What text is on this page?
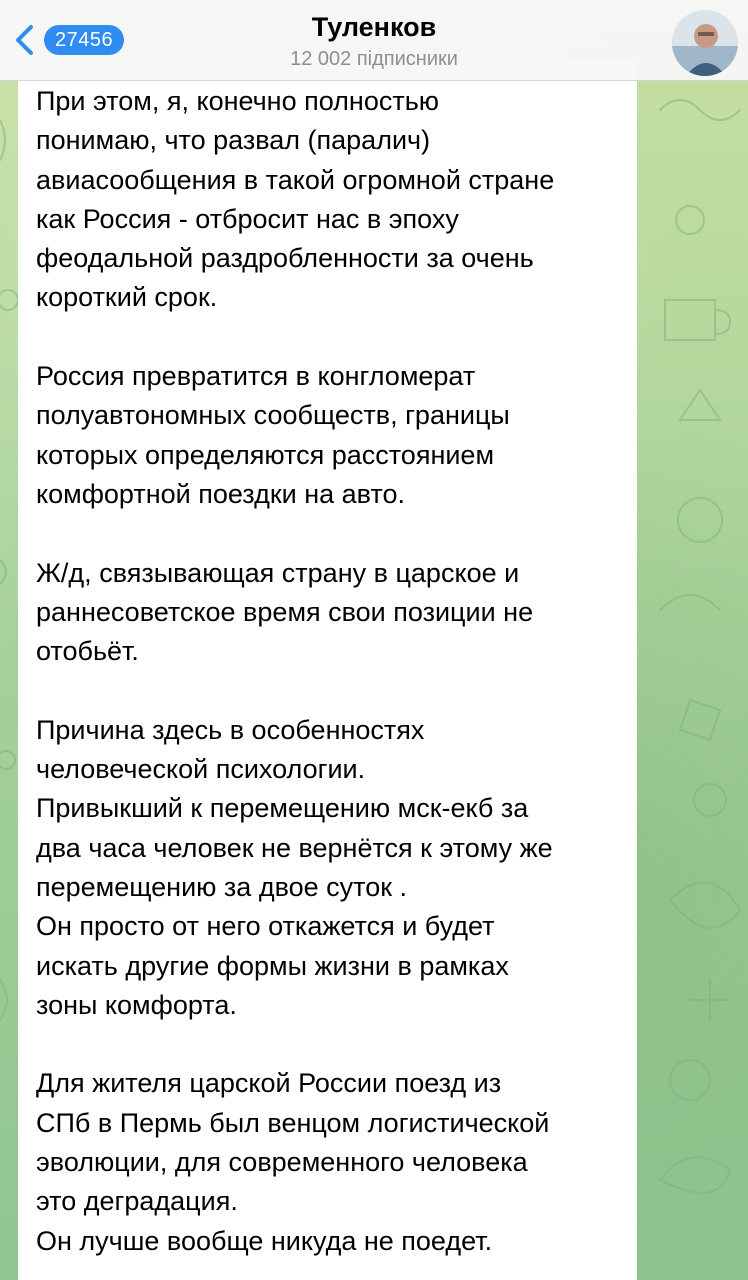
27456	Туленков
12 002 підписники

При этом, я, конечно полностью
понимаю, что развал (паралич)
авиасообщения в такой огромной стране
как Россия - отбросит нас в эпоху
феодальной раздробленности за очень
короткий срок.

Россия превратится в конгломерат
полуавтономных сообществ, границы
которых определяются расстоянием
комфортной поездки на авто.

Ж/д, связывающая страну в царское и
раннесоветское время свои позиции не
отобьёт.

Причина здесь в особенностях
человеческой психологии.
Привыкший к перемещению мск-екб за
два часа человек не вернётся к этому же
перемещению за двое суток .
Он просто от него откажется и будет
искать другие формы жизни в рамках
зоны комфорта.

Для жителя царской России поезд из
СПб в Пермь был венцом логистической
эволюции, для современного человека
это деградация.
Он лучше вообще никуда не поедет.
